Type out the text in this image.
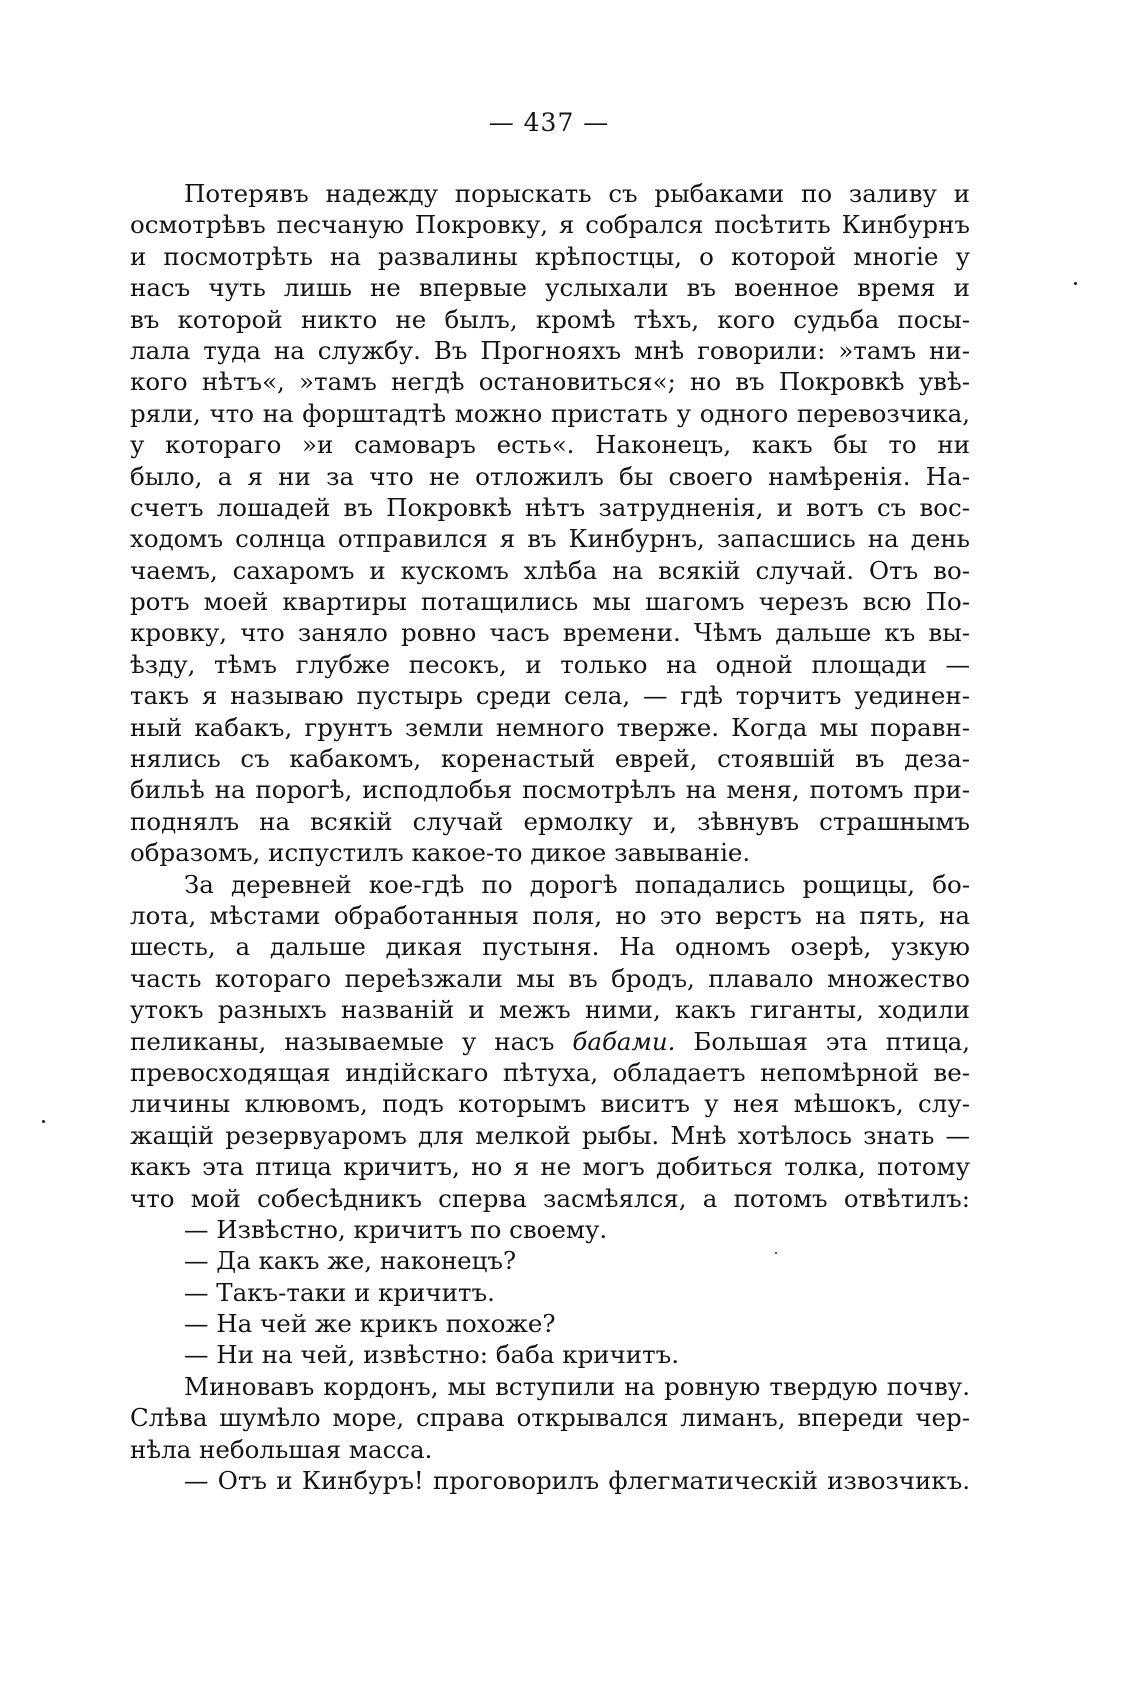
— 437 —
Потерявъ надежду порыскать съ рыбаками по заливу и
осмотрѣвъ песчаную Покровку, я собрался посѣтить Кинбурнъ
и посмотрѣть на развалины крѣпостцы, о которой многіе у
насъ чуть лишь не впервые услыхали въ военное время и
въ которой никто не былъ, кромѣ тѣхъ, кого судьба посы-
лала туда на службу. Въ Прогнояхъ мнѣ говорили: »тамъ ни-
кого нѣтъ«, »тамъ негдѣ остановиться«; но въ Покровкѣ увѣ-
ряли, что на форштадтѣ можно пристать у одного перевозчика,
у котораго »и самоваръ есть«. Наконецъ, какъ бы то ни
было, а я ни за что не отложилъ бы своего намѣренія. На-
счетъ лошадей въ Покровкѣ нѣтъ затрудненія, и вотъ съ вос-
ходомъ солнца отправился я въ Кинбурнъ, запасшись на день
чаемъ, сахаромъ и кускомъ хлѣба на всякій случай. Отъ во-
ротъ моей квартиры потащились мы шагомъ черезъ всю По-
кровку, что заняло ровно часъ времени. Чѣмъ дальше къ вы-
ѣзду, тѣмъ глубже песокъ, и только на одной площади —
такъ я называю пустырь среди села, — гдѣ торчитъ уединен-
ный кабакъ, грунтъ земли немного тверже. Когда мы поравн-
нялись съ кабакомъ, коренастый еврей, стоявшій въ деза-
бильѣ на порогѣ, исподлобья посмотрѣлъ на меня, потомъ при-
поднялъ на всякій случай ермолку и, зѣвнувъ страшнымъ
образомъ, испустилъ какое-то дикое завываніе.
За деревней кое-гдѣ по дорогѣ попадались рощицы, бо-
лота, мѣстами обработанныя поля, но это верстъ на пять, на
шесть, а дальше дикая пустыня. На одномъ озерѣ, узкую
часть котораго переѣзжали мы въ бродъ, плавало множество
утокъ разныхъ названій и межъ ними, какъ гиганты, ходили
пеликаны, называемые у насъ бабами. Большая эта птица,
превосходящая индійскаго пѣтуха, обладаетъ непомѣрной ве-
личины клювомъ, подъ которымъ виситъ у нея мѣшокъ, слу-
жащій резервуаромъ для мелкой рыбы. Мнѣ хотѣлось знать —
какъ эта птица кричитъ, но я не могъ добиться толка, потому
что мой собесѣдникъ сперва засмѣялся, а потомъ отвѣтилъ:
— Извѣстно, кричитъ по своему.
— Да какъ же, наконецъ?
— Такъ-таки и кричитъ.
— На чей же крикъ похоже?
— Ни на чей, извѣстно: баба кричитъ.
Миновавъ кордонъ, мы вступили на ровную твердую почву.
Слѣва шумѣло море, справа открывался лиманъ, впереди чер-
нѣла небольшая масса.
— Отъ и Кинбуръ! проговорилъ флегматическій извозчикъ.
